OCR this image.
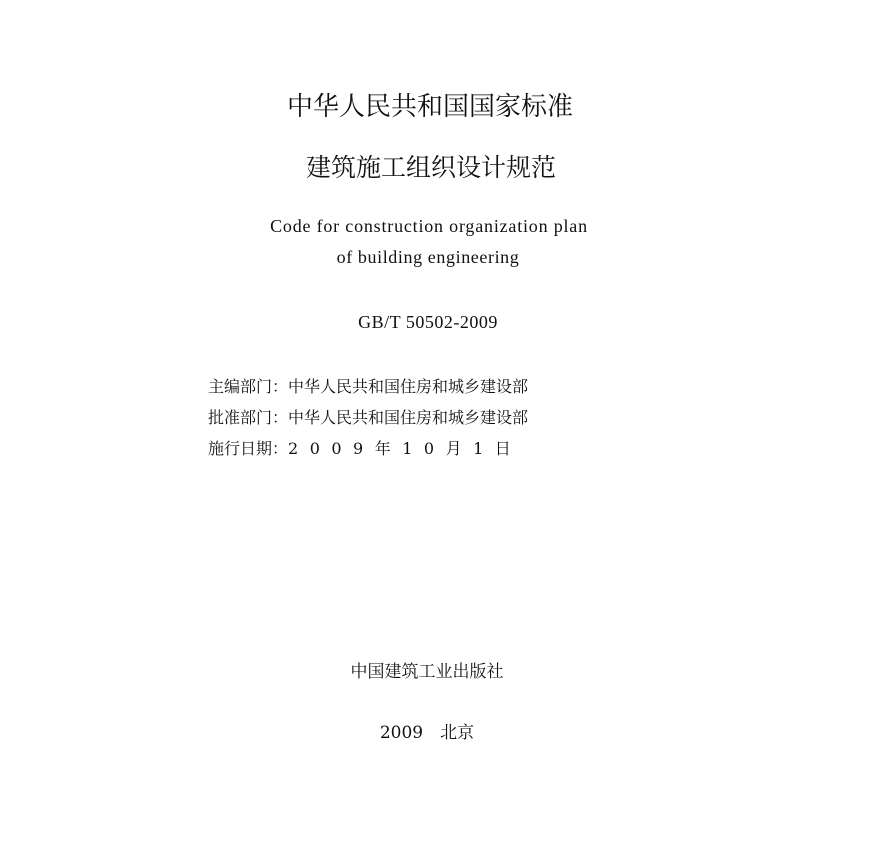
中华人民共和国国家标准
建筑施工组织设计规范
Code for construction organization plan
of building engineering
GB/T 50502-2009
主编部门：中华人民共和国住房和城乡建设部
批准部门：中华人民共和国住房和城乡建设部
施行日期：2009年10月1日
中国建筑工业出版社
2009　北京
